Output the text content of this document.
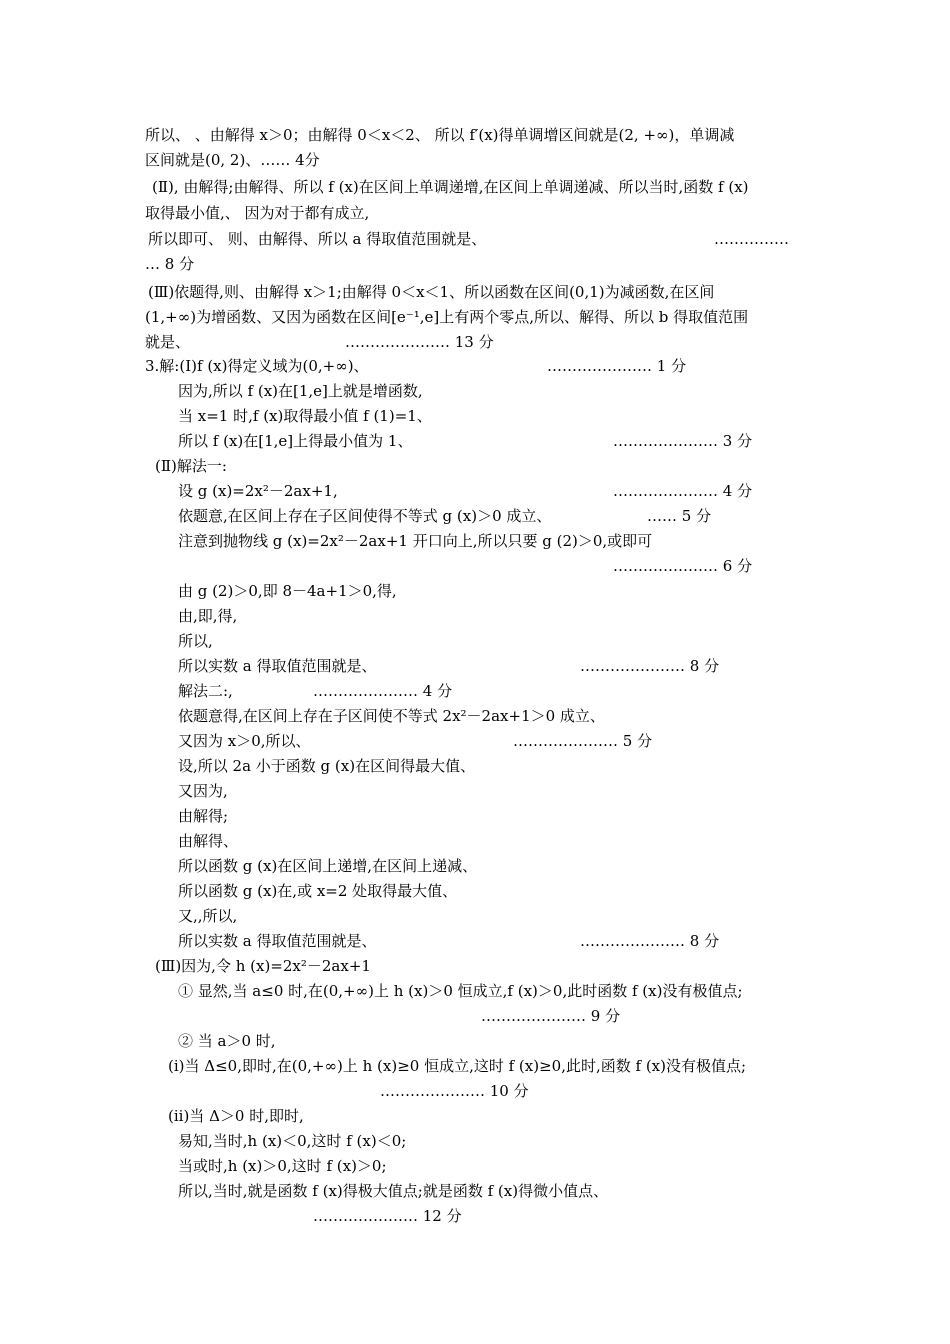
所以、 、由解得 x＞0；由解得 0＜x＜2、 所以 f′(x)得单调增区间就是(2, +∞)，单调减
区间就是(0, 2)、…… 4分
(Ⅱ), 由解得;由解得、所以 f (x)在区间上单调递增,在区间上单调递减、所以当时,函数 f (x)
取得最小值,、 因为对于都有成立,
所以即可、 则、由解得、所以 a 得取值范围就是、	……………
… 8 分
(Ⅲ)依题得,则、由解得 x＞1;由解得 0＜x＜1、所以函数在区间(0,1)为减函数,在区间
(1,+∞)为增函数、又因为函数在区间[e⁻¹,e]上有两个零点,所以、解得、所以 b 得取值范围
就是、	………………… 13 分
3.解:(Ⅰ)f (x)得定义域为(0,+∞)、	………………… 1 分
因为,所以 f (x)在[1,e]上就是增函数,
当 x=1 时,f (x)取得最小值 f (1)=1、
所以 f (x)在[1,e]上得最小值为 1、	………………… 3 分
(Ⅱ)解法一:
设 g (x)=2x²－2ax+1,	………………… 4 分
依题意,在区间上存在子区间使得不等式 g (x)＞0 成立、	…… 5 分
注意到抛物线 g (x)=2x²－2ax+1 开口向上,所以只要 g (2)＞0,或即可
………………… 6 分
由 g (2)＞0,即 8－4a+1＞0,得,
由,即,得,
所以,
所以实数 a 得取值范围就是、	………………… 8 分
解法二:,	………………… 4 分
依题意得,在区间上存在子区间使不等式 2x²－2ax+1＞0 成立、
又因为 x＞0,所以、	………………… 5 分
设,所以 2a 小于函数 g (x)在区间得最大值、
又因为,
由解得;
由解得、
所以函数 g (x)在区间上递增,在区间上递减、
所以函数 g (x)在,或 x=2 处取得最大值、
又,,所以,
所以实数 a 得取值范围就是、	………………… 8 分
(Ⅲ)因为,令 h (x)=2x²－2ax+1
① 显然,当 a≤0 时,在(0,+∞)上 h (x)＞0 恒成立,f (x)＞0,此时函数 f (x)没有极值点;
………………… 9 分
② 当 a＞0 时,
(i)当 Δ≤0,即时,在(0,+∞)上 h (x)≥0 恒成立,这时 f (x)≥0,此时,函数 f (x)没有极值点;
………………… 10 分
(ii)当 Δ＞0 时,即时,
易知,当时,h (x)＜0,这时 f (x)＜0;
当或时,h (x)＞0,这时 f (x)＞0;
所以,当时,就是函数 f (x)得极大值点;就是函数 f (x)得微小值点、
………………… 12 分
